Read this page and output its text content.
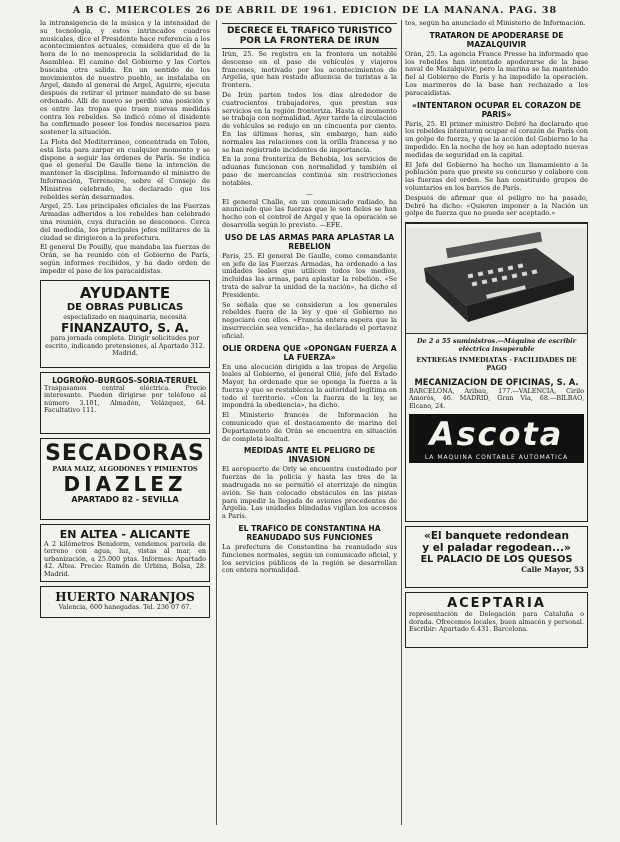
A B C. MIERCOLES 26 DE ABRIL DE 1961. EDICION DE LA MAÑANA. PAG. 38

la intransigencia de la música y la intensidad de su tecnología, y estos intrincados cuadros musicales, dice el Presidente hace referencia a los acontecimientos actuales, considera que el de la hora de lo no menosprecia la solidaridad de la Asamblea. El camino del Gobierno y las Cortes buscaba otra salida. En un sentido de los movimientos de nuestro pueblo, se instalaba en Argel, dando al general de Argel, Aguirre, ejecuta después de retirar el primer mandato de su base ordenado. Alli de nuevo se perdió una posición y es entre las tropas que traen nuevas medidas contra los rebeldes. Se indicó cómo el disidente ha confirmado poseer los fondos necesarios para sostener la situación.

La Flota del Mediterráneo, concentrada en Tolón, está lista para zarpar en cualquier momento y se dispone a seguir las órdenes de París. Se indica que el general De Gaulle tiene la intención de mantener la disciplina. Informando el ministro de Información, Terrenoire, sobre el Consejo de Ministros celebrado, ha declarado que los rebeldes serán desarmados.

Argel, 25. Los principales oficiales de las Fuerzas Armadas adheridos a los rebeldes han celebrado una reunión, cuya duración se desconoce. Cerca del mediodía, los principales jefes militares de la ciudad se dirigieron a la prefectura.

El general De Pouilly, que mandaba las fuerzas de Orán, se ha reunido con el Gobierno de París, según informes recibidos, y ha dado orden de impedir el paso de los paracaidistas.

AYUDANTE
DE OBRAS PUBLICAS
especializado en maquinaria, necesita
FINANZAUTO, S. A.
para jornada completa. Dirigir solicitudes por escrito, indicando pretensiones, al Apartado 312. Madrid.
LOGROÑO-BURGOS-SORIA-TERUEL
Traspasamos central eléctrica. Precio interesante. Pueden dirigirse por teléfono al número 3.101, Almadén, Velázquez, 64. Facultativo 111.
SECADORAS
PARA MAIZ, ALGODONES Y PIMIENTOS
DIAZLEZ
APARTADO 82 - SEVILLA
EN ALTEA - ALICANTE
A 2 kilómetros Benidorm, vendemos parcela de terreno con agua, luz, vistas al mar, en urbanización, a 25.000 ptas. Informes: Apartado 42. Altea. Precio: Ramón de Urbina, Bolsa, 28. Madrid.
HUERTO NARANJOS
Valencia, 600 hanegadas. Tel. 236 07 67.
DECRECE EL TRAFICO TURISTICO POR LA FRONTERA DE IRUN

Irún, 25. Se registra en la frontera un notable descenso en el paso de vehículos y viajeros franceses, motivado por los acontecimientos de Argelia, que han restado afluencia de turistas a la frontera.

De Irún parten todos los días alrededor de cuatrocientos trabajadores, que prestan sus servicios en la región fronteriza. Hasta el momento se trabaja con normalidad. Ayer tarde la circulación de vehículos se redujo en un cincuenta por ciento. En las últimas horas, sin embargo, han sido normales las relaciones con la orilla francesa y no se han registrado incidentes de importancia.

En la zona fronteriza de Behobia, los servicios de aduanas funcionan con normalidad y también el paso de mercancías continúa sin restricciones notables.

—

El general Challe, en un comunicado radiado, ha anunciado que las fuerzas que le son fieles se han hecho con el control de Argel y que la operación se desarrolla según lo previsto. —EFE.

USO DE LAS ARMAS PARA APLASTAR LA REBELION

París, 25. El general De Gaulle, como comandante en jefe de las Fuerzas Armadas, ha ordenado a las unidades leales que utilicen todos los medios, incluidas las armas, para aplastar la rebelión. «Se trata de salvar la unidad de la nación», ha dicho el Presidente.

Se señala que se consideran a los generales rebeldes fuera de la ley y que el Gobierno no negociará con ellos. «Francia entera espera que la insurrección sea vencida», ha declarado el portavoz oficial.

OLIE ORDENA QUE «OPONGAN FUERZA A LA FUERZA»

En una alocución dirigida a las tropas de Argelia leales al Gobierno, el general Olié, jefe del Estado Mayor, ha ordenado que se oponga la fuerza a la fuerza y que se restablezca la autoridad legítima en todo el territorio. «Con la fuerza de la ley, se impondrá la obediencia», ha dicho.

El Ministerio francés de Información ha comunicado que el destacamento de marina del Departamento de Orán se encuentra en situación de completa lealtad.

MEDIDAS ANTE EL PELIGRO DE INVASION

El aeropuerto de Orly se encuentra custodiado por fuerzas de la policía y hasta las tres de la madrugada no se permitió el aterrizaje de ningún avión. Se han colocado obstáculos en las pistas para impedir la llegada de aviones procedentes de Argelia. Las unidades blindadas vigilan los accesos a París.

EL TRAFICO DE CONSTANTINA HA REANUDADO SUS FUNCIONES

La prefectura de Constantina ha reanudado sus funciones normales, según un comunicado oficial, y los servicios públicos de la región se desarrollan con entera normalidad.

tos, según ha anunciado el Ministerio de Información.

TRATARON DE APODERARSE DE MAZALQUIVIR

Orán, 25. La agencia France Presse ha informado que los rebeldes han intentado apoderarse de la base naval de Mazalquivir, pero la marina se ha mantenido fiel al Gobierno de París y ha impedido la operación. Los marineros de la base han rechazado a los paracaidistas.

«INTENTARON OCUPAR EL CORAZON DE PARIS»

París, 25. El primer ministro Debré ha declarado que los rebeldes intentaron ocupar el corazón de París con un golpe de fuerza, y que la acción del Gobierno lo ha impedido. En la noche de hoy se han adoptado nuevas medidas de seguridad en la capital.

El Jefe del Gobierno ha hecho un llamamiento a la población para que preste su concurso y colabore con las fuerzas del orden. Se han constituido grupos de voluntarios en los barrios de París.

Después de afirmar que el peligro no ha pasado, Debré ha dicho: «Quieren imponer a la Nación un golpe de fuerza que no puede ser aceptado.»

De 2 a 55 suministros.—Máquina de escribir eléctrica insuperable
ENTREGAS INMEDIATAS · FACILIDADES DE PAGO
MECANIZACION DE OFICINAS, S. A.
BARCELONA, Aribau, 177.—VALENCIA, Cirilo Amorós, 46. MADRID, Gran Vía, 68.—BILBAO, Elcano, 24.
Ascota
LA MAQUINA CONTABLE AUTOMATICA
«El banquete redondean
y el paladar regodean...»
EL PALACIO DE LOS QUESOS
Calle Mayor, 53
ACEPTARIA
representación de Delegación para Cataluña o dorada. Ofrecemos locales, buen almacén y personal. Escribir: Apartado 6.431. Barcelona.
